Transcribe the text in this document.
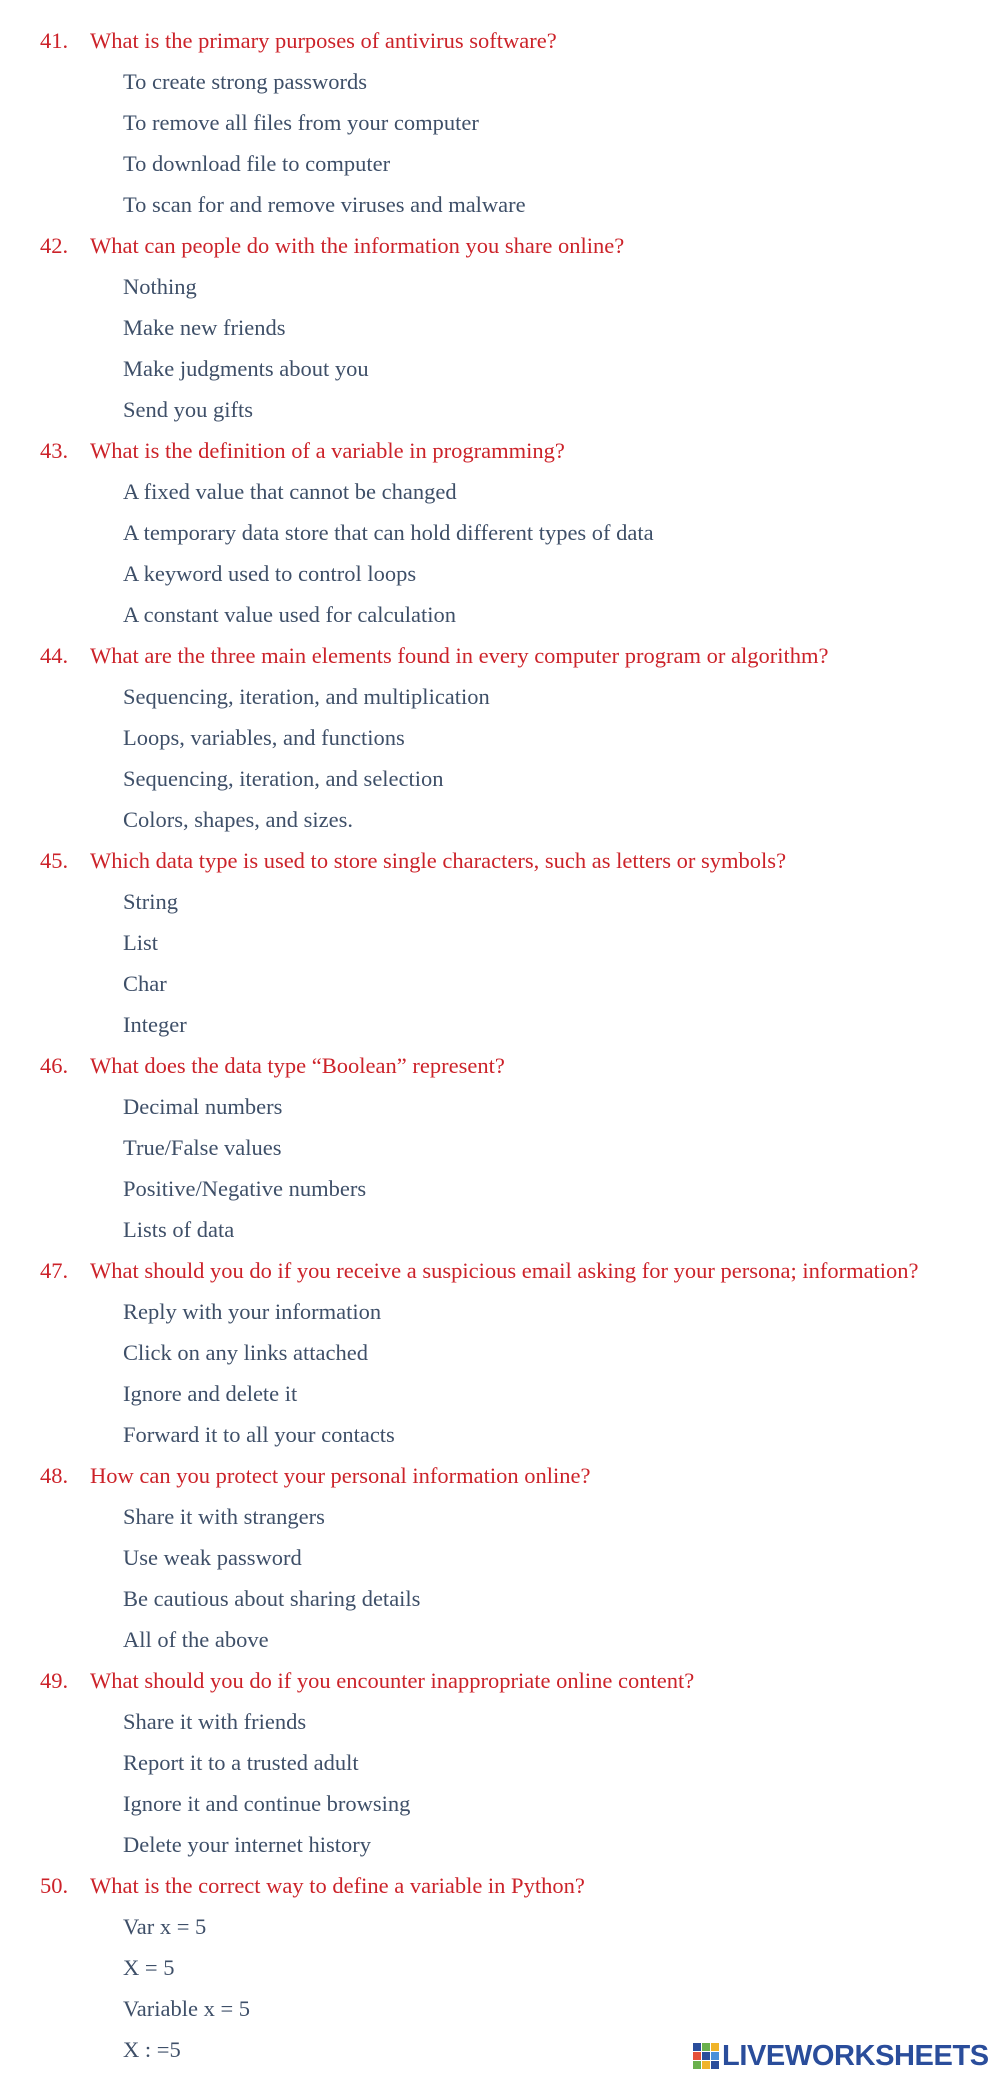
41. What is the primary purposes of antivirus software?
To create strong passwords
To remove all files from your computer
To download file to computer
To scan for and remove viruses and malware
42. What can people do with the information you share online?
Nothing
Make new friends
Make judgments about you
Send you gifts
43. What is the definition of a variable in programming?
A fixed value that cannot be changed
A temporary data store that can hold different types of data
A keyword used to control loops
A constant value used for calculation
44. What are the three main elements found in every computer program or algorithm?
Sequencing, iteration, and multiplication
Loops, variables, and functions
Sequencing, iteration, and selection
Colors, shapes, and sizes.
45. Which data type is used to store single characters, such as letters or symbols?
String
List
Char
Integer
46. What does the data type “Boolean” represent?
Decimal numbers
True/False values
Positive/Negative numbers
Lists of data
47. What should you do if you receive a suspicious email asking for your persona; information?
Reply with your information
Click on any links attached
Ignore and delete it
Forward it to all your contacts
48. How can you protect your personal information online?
Share it with strangers
Use weak password
Be cautious about sharing details
All of the above
49. What should you do if you encounter inappropriate online content?
Share it with friends
Report it to a trusted adult
Ignore it and continue browsing
Delete your internet history
50. What is the correct way to define a variable in Python?
Var x = 5
X = 5
Variable x = 5
X : =5	LIVEWORKSHEETS
